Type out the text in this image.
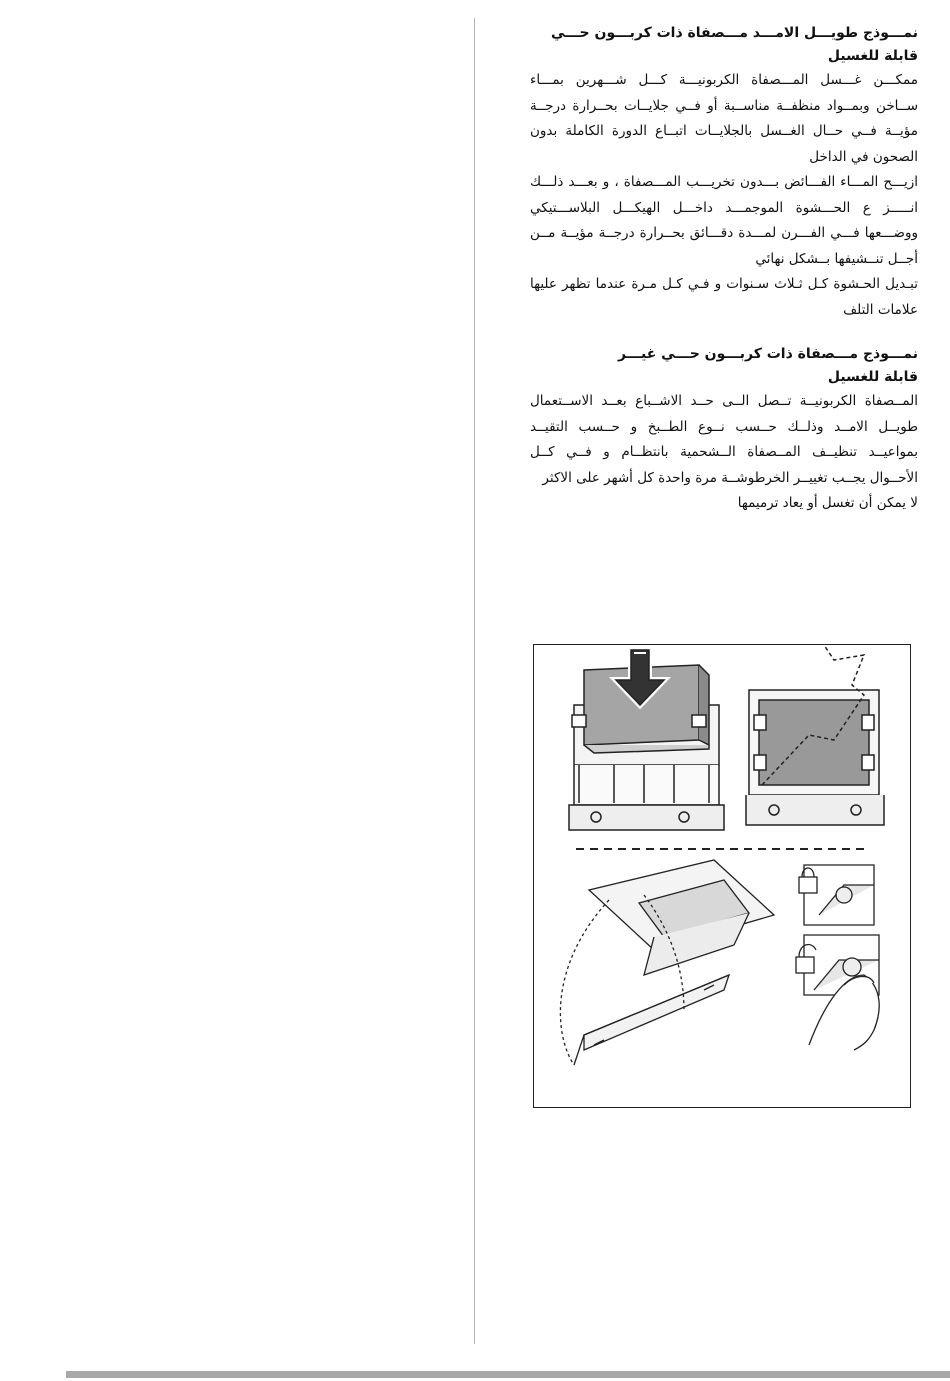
نمـــوذج طويـــل الامـــد مـــصفاة ذات كربـــون حـــي

قابلة للغسيل

ممكـــن غـــسل المـــصفاة الكربونيـــة كـــل شـــهرين بمـــاء ســاخن وبمــواد منظفــة مناســبة أو فــي جلايــات بحــرارة درجــة مؤيــة فــي حــال الغــسل بالجلايــات اتبــاع الدورة الكاملة بدون الصحون في الداخل

ازيـــح المـــاء الفـــائض بـــدون تخريـــب المـــصفاة ، و بعـــد ذلـــك انـــــز ع الحـــشوة الموجمـــد داخـــل الهيكـــل البلاســـتيكي ووضـــعها فـــي الفـــرن لمـــدة دقـــائق بحــرارة درجــة مؤيــة مــن أجــل تنــشيفها بــشكل نهائي

تبـديل الحـشوة كـل ثـلاث سـنوات و فـي كـل مـرة عندما تظهر عليها علامات التلف

نمـــوذج مـــصفاة ذات كربـــون حـــي غيـــر

قابلة للغسيل

المــصفاة الكربونيــة تــصل الــى حــد الاشــباع بعــد الاســتعمال طويــل الامــد وذلــك حــسب نــوع الطــبخ و حــسب التقيــد بمواعيــد تنظيــف المــصفاة الــشحمية بانتظــام و فــي كــل الأحــوال يجــب تغييــر الخرطوشــة مرة واحدة كل أشهر على الاكثر

لا يمكن أن تغسل أو يعاد ترميمها
